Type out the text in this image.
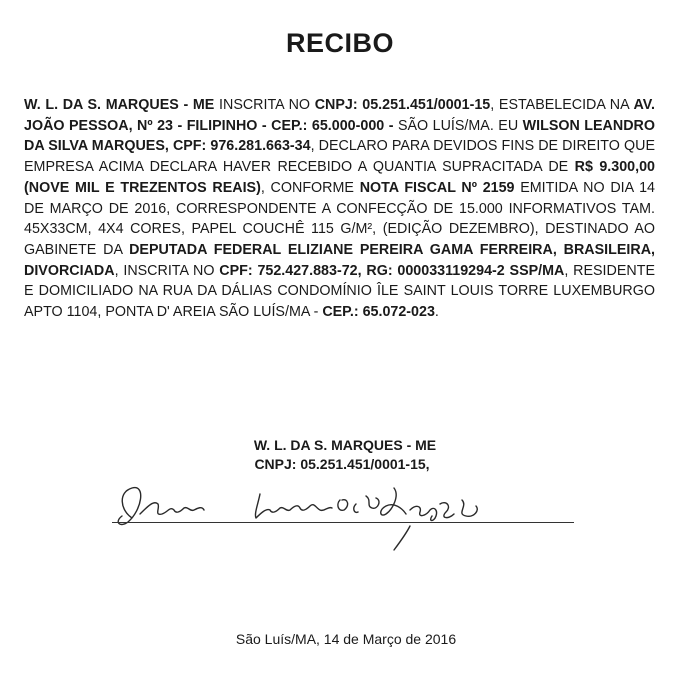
RECIBO

W. L. DA S. MARQUES - ME INSCRITA NO CNPJ: 05.251.451/0001-15, ESTABELECIDA NA AV. JOÃO PESSOA, Nº 23 - FILIPINHO - CEP.: 65.000-000 - SÃO LUÍS/MA. EU WILSON LEANDRO DA SILVA MARQUES, CPF: 976.281.663-34, DECLARO PARA DEVIDOS FINS DE DIREITO QUE EMPRESA ACIMA DECLARA HAVER RECEBIDO A QUANTIA SUPRACITADA DE R$ 9.300,00 (NOVE MIL E TREZENTOS REAIS), CONFORME NOTA FISCAL Nº 2159 EMITIDA NO DIA 14 DE MARÇO DE 2016, CORRESPONDENTE A CONFECÇÃO DE 15.000 INFORMATIVOS TAM. 45X33CM, 4X4 CORES, PAPEL COUCHÊ 115 G/M², (EDIÇÃO DEZEMBRO), DESTINADO AO GABINETE DA DEPUTADA FEDERAL ELIZIANE PEREIRA GAMA FERREIRA, BRASILEIRA, DIVORCIADA, INSCRITA NO CPF: 752.427.883-72, RG: 000033119294-2 SSP/MA, RESIDENTE E DOMICILIADO NA RUA DA DÁLIAS CONDOMÍNIO ÎLE SAINT LOUIS TORRE LUXEMBURGO APTO 1104, PONTA D' AREIA SÃO LUÍS/MA - CEP.: 65.072-023.

W. L. DA S. MARQUES - ME
CNPJ: 05.251.451/0001-15,
São Luís/MA, 14 de Março de 2016
